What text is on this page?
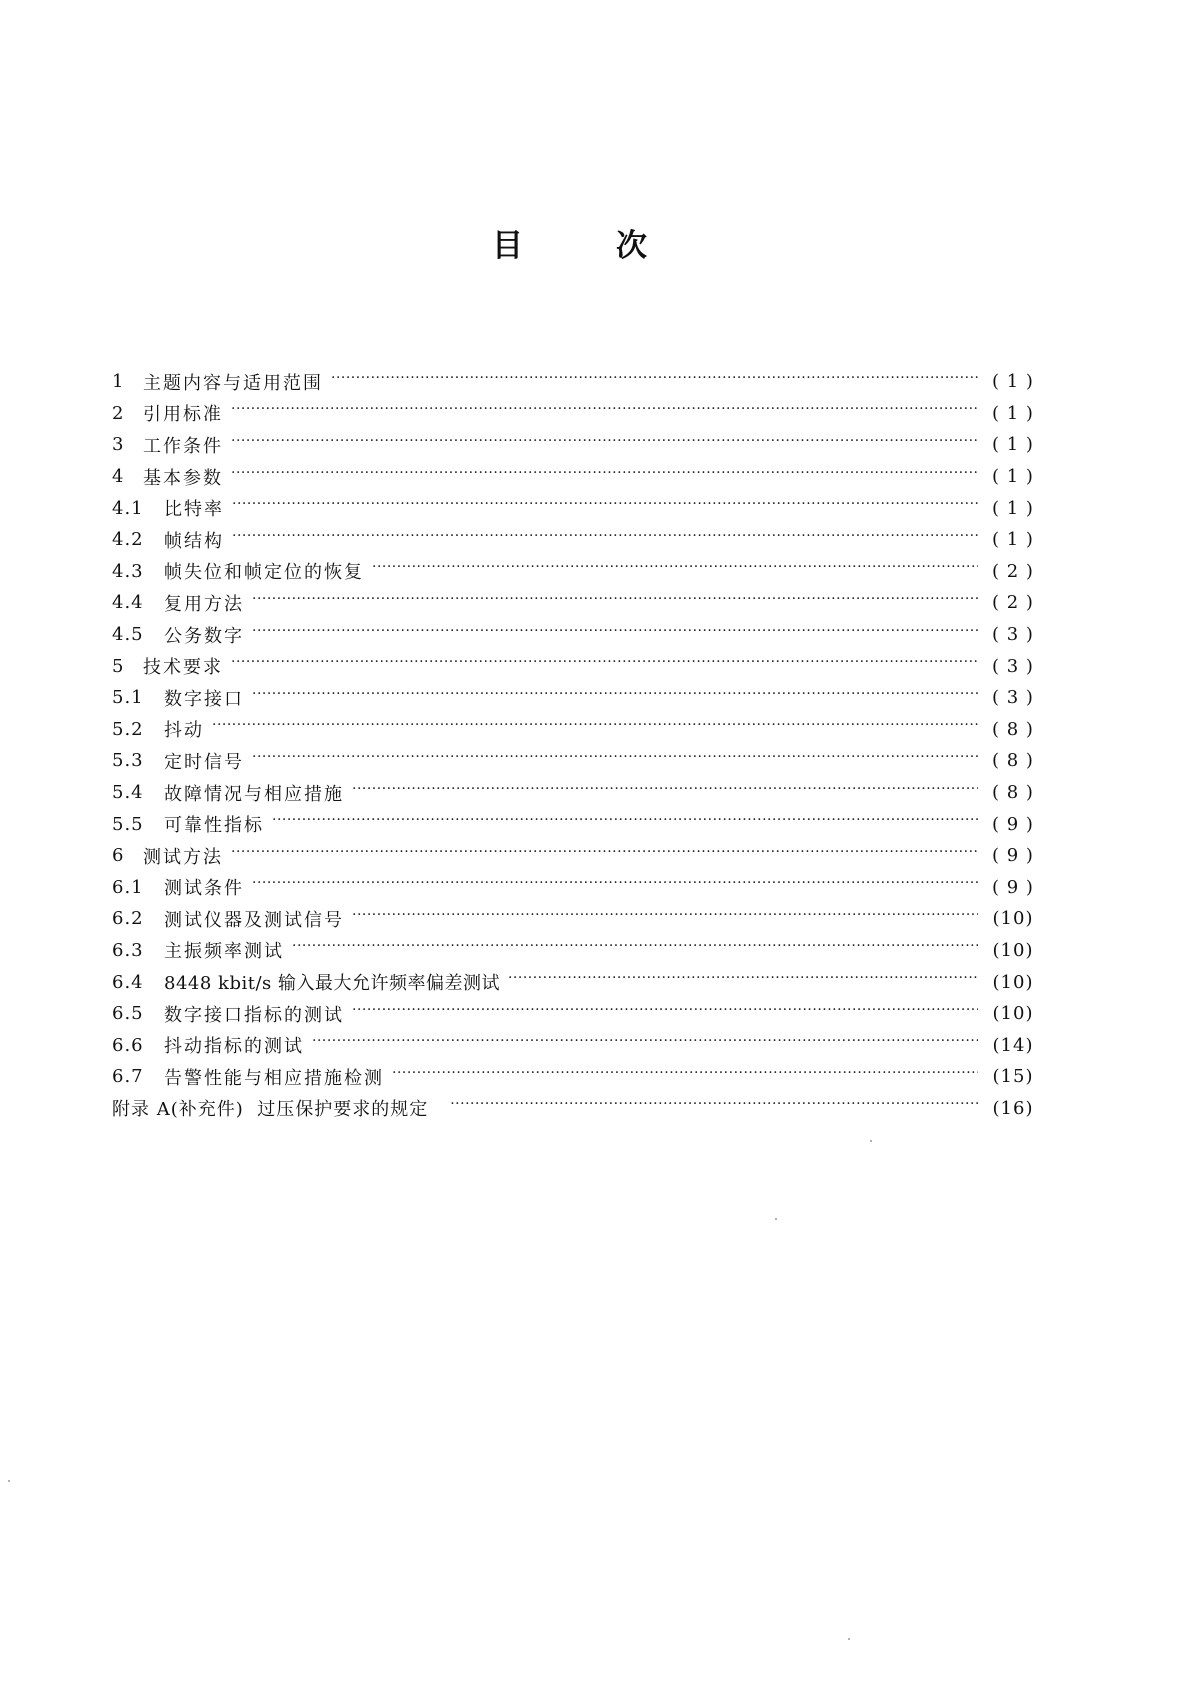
目	次
1	主题内容与适用范围 ·····	( 1 )
2	引用标准 ·····	( 1 )
3	工作条件 ·····	( 1 )
4	基本参数 ·····	( 1 )
4.1	比特率 ·····	( 1 )
4.2	帧结构 ·····	( 1 )
4.3	帧失位和帧定位的恢复 ·····	( 2 )
4.4	复用方法 ·····	( 2 )
4.5	公务数字 ·····	( 3 )
5	技术要求 ·····	( 3 )
5.1	数字接口 ·····	( 3 )
5.2	抖动 ·····	( 8 )
5.3	定时信号 ·····	( 8 )
5.4	故障情况与相应措施 ·····	( 8 )
5.5	可靠性指标 ·····	( 9 )
6	测试方法 ·····	( 9 )
6.1	测试条件 ·····	( 9 )
6.2	测试仪器及测试信号 ·····	(10)
6.3	主振频率测试 ·····	(10)
6.4	8448 kbit/s 输入最大允许频率偏差测试 ·····	(10)
6.5	数字接口指标的测试 ·····	(10)
6.6	抖动指标的测试 ·····	(14)
6.7	告警性能与相应措施检测 ·····	(15)
附录 A(补充件)  过压保护要求的规定 ·····	(16)
